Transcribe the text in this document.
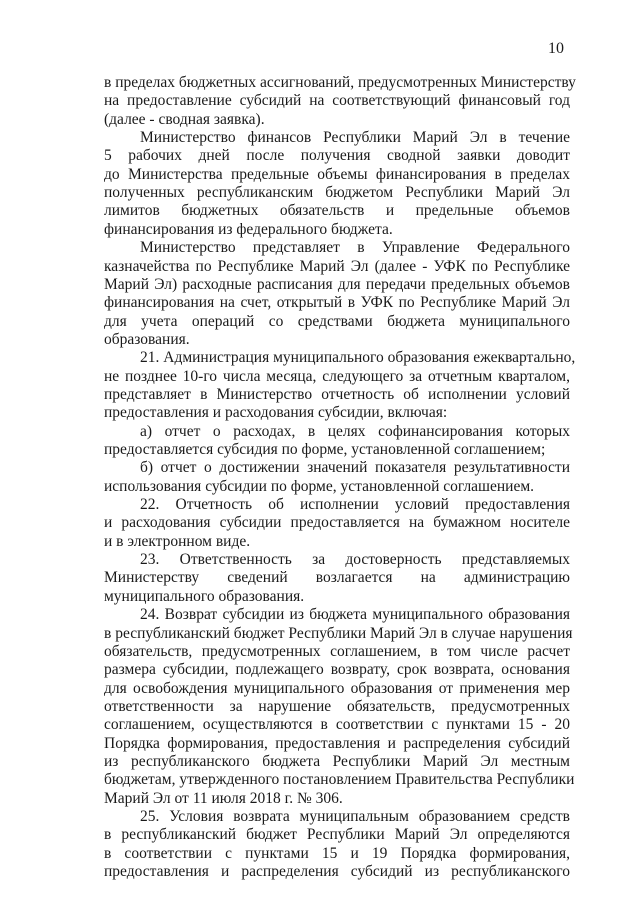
10
в пределах бюджетных ассигнований, предусмотренных Министерству
на предоставление субсидий на соответствующий финансовый год
(далее - сводная заявка).
Министерство финансов Республики Марий Эл в течение
5 рабочих дней после получения сводной заявки доводит
до Министерства предельные объемы финансирования в пределах
полученных республиканским бюджетом Республики Марий Эл
лимитов бюджетных обязательств и предельные объемов
финансирования из федерального бюджета.
Министерство представляет в Управление Федерального
казначейства по Республике Марий Эл (далее - УФК по Республике
Марий Эл) расходные расписания для передачи предельных объемов
финансирования на счет, открытый в УФК по Республике Марий Эл
для учета операций со средствами бюджета муниципального
образования.
21. Администрация муниципального образования ежеквартально,
не позднее 10-го числа месяца, следующего за отчетным кварталом,
представляет в Министерство отчетность об исполнении условий
предоставления и расходования субсидии, включая:
а) отчет о расходах, в целях софинансирования которых
предоставляется субсидия по форме, установленной соглашением;
б) отчет о достижении значений показателя результативности
использования субсидии по форме, установленной соглашением.
22. Отчетность об исполнении условий предоставления
и расходования субсидии предоставляется на бумажном носителе
и в электронном виде.
23. Ответственность за достоверность представляемых
Министерству сведений возлагается на администрацию
муниципального образования.
24. Возврат субсидии из бюджета муниципального образования
в республиканский бюджет Республики Марий Эл в случае нарушения
обязательств, предусмотренных соглашением, в том числе расчет
размера субсидии, подлежащего возврату, срок возврата, основания
для освобождения муниципального образования от применения мер
ответственности за нарушение обязательств, предусмотренных
соглашением, осуществляются в соответствии с пунктами 15 - 20
Порядка формирования, предоставления и распределения субсидий
из республиканского бюджета Республики Марий Эл местным
бюджетам, утвержденного постановлением Правительства Республики
Марий Эл от 11 июля 2018 г. № 306.
25. Условия возврата муниципальным образованием средств
в республиканский бюджет Республики Марий Эл определяются
в соответствии с пунктами 15 и 19 Порядка формирования,
предоставления и распределения субсидий из республиканского
